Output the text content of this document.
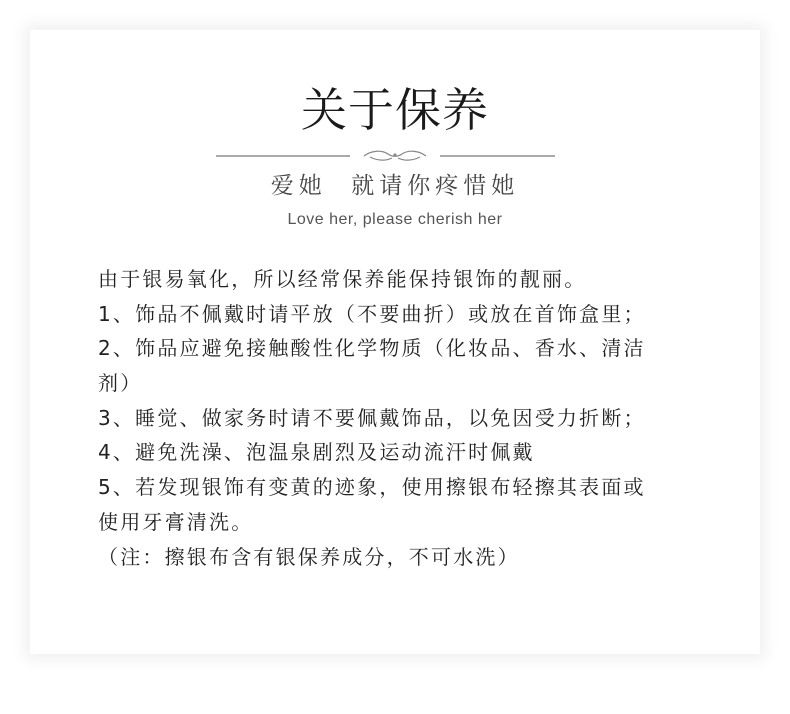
关于保养
爱她  就请你疼惜她
Love her, please cherish her
由于银易氧化，所以经常保养能保持银饰的靓丽。
1、饰品不佩戴时请平放（不要曲折）或放在首饰盒里；
2、饰品应避免接触酸性化学物质（化妆品、香水、清洁
剂）
3、睡觉、做家务时请不要佩戴饰品，以免因受力折断；
4、避免洗澡、泡温泉剧烈及运动流汗时佩戴
5、若发现银饰有变黄的迹象，使用擦银布轻擦其表面或
使用牙膏清洗。
（注：擦银布含有银保养成分，不可水洗）
